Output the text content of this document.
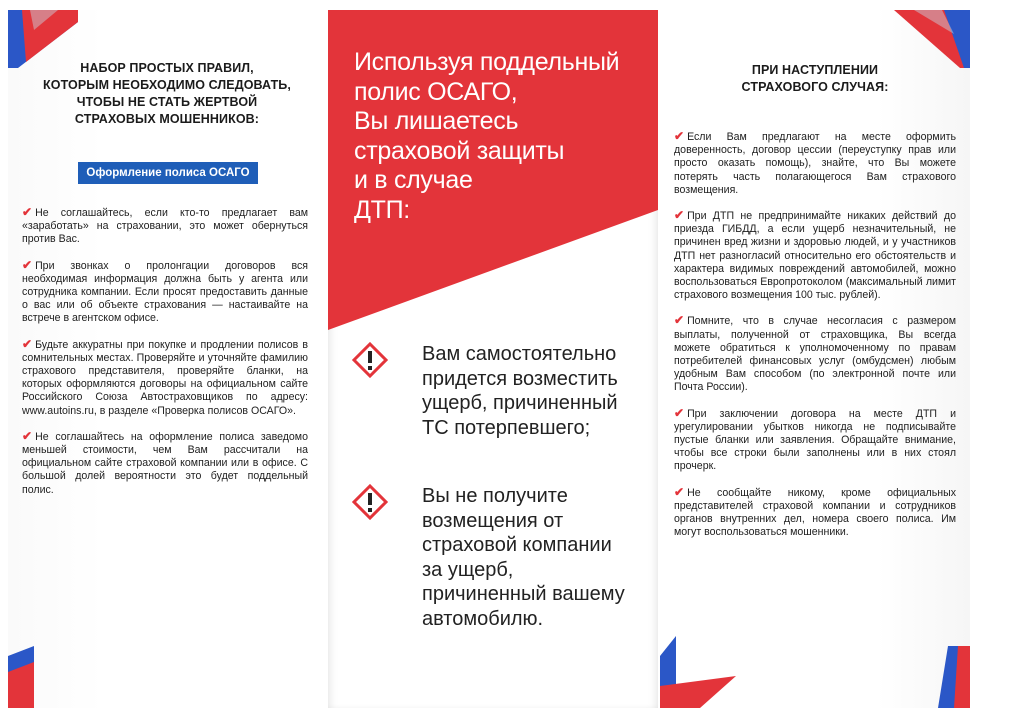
НАБОР ПРОСТЫХ ПРАВИЛ,
КОТОРЫМ НЕОБХОДИМО СЛЕДОВАТЬ,
ЧТОБЫ НЕ СТАТЬ ЖЕРТВОЙ
СТРАХОВЫХ МОШЕННИКОВ:
Оформление полиса ОСАГО
✔ Не соглашайтесь, если кто-то предлагает вам «заработать» на страховании, это может обернуться против Вас.
✔ При звонках о пролонгации договоров вся необходимая информация должна быть у агента или сотрудника компании. Если просят предоставить данные о вас или об объекте страхования — настаивайте на встрече в агентском офисе.
✔ Будьте аккуратны при покупке и продлении полисов в сомнительных местах. Проверяйте и уточняйте фамилию страхового представителя, проверяйте бланки, на которых оформляются договоры на официальном сайте Российского Союза Автостраховщиков по адресу: www.autoins.ru, в разделе «Проверка полисов ОСАГО».
✔ Не соглашайтесь на оформление полиса заведомо меньшей стоимости, чем Вам рассчитали на официальном сайте страховой компании или в офисе. С большой долей вероятности это будет поддельный полис.
Используя поддельный
полис ОСАГО,
Вы лишаетесь
страховой защиты
и в случае
ДТП:

Вам самостоятельно
придется возместить
ущерб, причиненный
ТС потерпевшего;

Вы не получите
возмещения от
страховой компании
за ущерб,
причиненный вашему
автомобилю.

ПРИ НАСТУПЛЕНИИ
СТРАХОВОГО СЛУЧАЯ:
✔ Если Вам предлагают на месте оформить доверенность, договор цессии (переуступку прав или просто оказать помощь), знайте, что Вы можете потерять часть полагающегося Вам страхового возмещения.
✔ При ДТП не предпринимайте никаких действий до приезда ГИБДД, а если ущерб незначительный, не причинен вред жизни и здоровью людей, и у участников ДТП нет разногласий относительно его обстоятельств и характера видимых повреждений автомобилей, можно воспользоваться Европротоколом (максимальный лимит страхового возмещения 100 тыс. рублей).
✔ Помните, что в случае несогласия с размером выплаты, полученной от страховщика, Вы всегда можете обратиться к уполномоченному по правам потребителей финансовых услуг (омбудсмен) любым удобным Вам способом (по электронной почте или Почта России).
✔ При заключении договора на месте ДТП и урегулировании убытков никогда не подписывайте пустые бланки или заявления. Обращайте внимание, чтобы все строки были заполнены или в них стоял прочерк.
✔ Не сообщайте никому, кроме официальных представителей страховой компании и сотрудников органов внутренних дел, номера своего полиса. Им могут воспользоваться мошенники.
